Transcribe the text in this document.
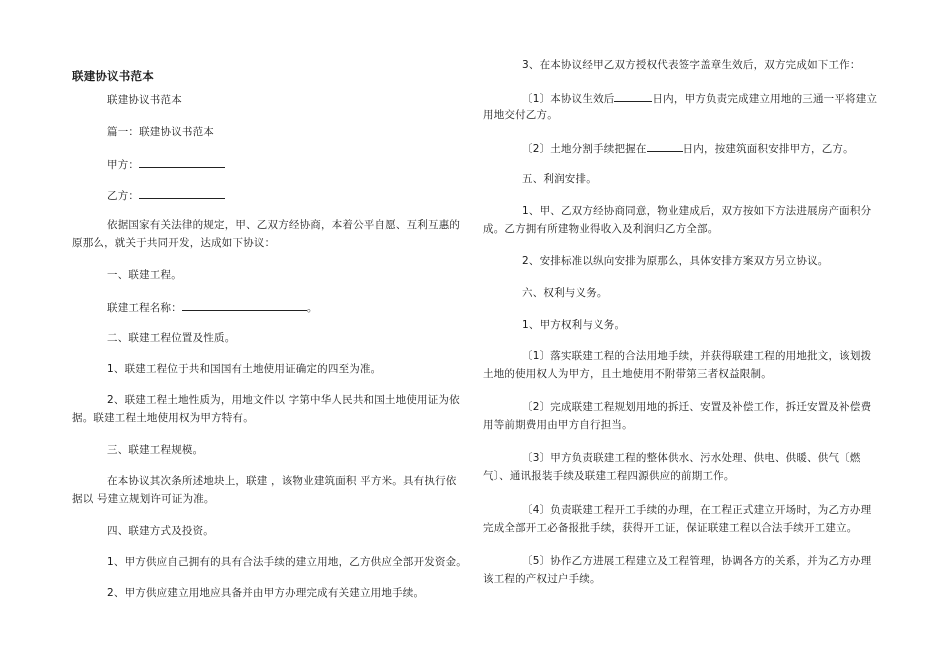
联建协议书范本
联建协议书范本
篇一：联建协议书范本
甲方：
乙方：
依据国家有关法律的规定，甲、乙双方经协商，本着公平自愿、互利互惠的
原那么，就关于共同开发，达成如下协议：
一、联建工程。
联建工程名称：	。
二、联建工程位置及性质。
1、联建工程位于共和国国有土地使用证确定的四至为准。
2、联建工程土地性质为，用地文件以 字第中华人民共和国土地使用证为依
据。联建工程土地使用权为甲方特有。
三、联建工程规模。
在本协议其次条所述地块上，联建 ，该物业建筑面积 平方米。具有执行依
据以 号建立规划许可证为准。
四、联建方式及投资。
1、甲方供应自己拥有的具有合法手续的建立用地，乙方供应全部开发资金。
2、甲方供应建立用地应具备并由甲方办理完成有关建立用地手续。
3、在本协议经甲乙双方授权代表签字盖章生效后，双方完成如下工作：
〔1〕本协议生效后	日内，甲方负责完成建立用地的三通一平将建立
用地交付乙方。
〔2〕土地分割手续把握在	日内，按建筑面积安排甲方，乙方。
五、利润安排。
1、甲、乙双方经协商同意，物业建成后，双方按如下方法进展房产面积分
成。乙方拥有所建物业得收入及利润归乙方全部。
2、安排标准以纵向安排为原那么，具体安排方案双方另立协议。
六、权利与义务。
1、甲方权利与义务。
〔1〕落实联建工程的合法用地手续，并获得联建工程的用地批文，该划拨
土地的使用权人为甲方，且土地使用不附带第三者权益限制。
〔2〕完成联建工程规划用地的拆迁、安置及补偿工作，拆迁安置及补偿费
用等前期费用由甲方自行担当。
〔3〕甲方负责联建工程的整体供水、污水处理、供电、供暖、供气〔燃
气〕、通讯报装手续及联建工程四源供应的前期工作。
〔4〕负责联建工程开工手续的办理，在工程正式建立开场时，为乙方办理
完成全部开工必备报批手续，获得开工证，保证联建工程以合法手续开工建立。
〔5〕协作乙方进展工程建立及工程管理，协调各方的关系，并为乙方办理
该工程的产权过户手续。
